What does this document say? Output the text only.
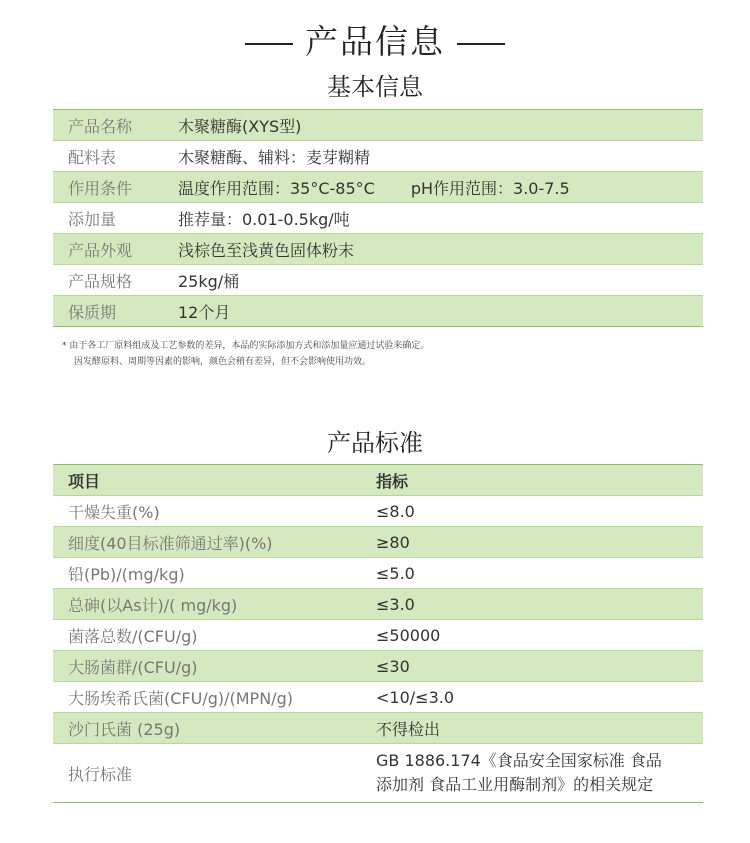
产品信息
基本信息
产品名称	木聚糖酶(XYS型)
配料表	木聚糖酶、辅料：麦芽糊精
作用条件	温度作用范围：35°C-85°C pH作用范围：3.0-7.5
添加量	推荐量：0.01-0.5kg/吨
产品外观	浅棕色至浅黄色固体粉末
产品规格	25kg/桶
保质期	12个月
* 由于各工厂原料组成及工艺参数的差异，本品的实际添加方式和添加量应通过试验来确定。
因发酵原料、周期等因素的影响，颜色会稍有差异，但不会影响使用功效。
产品标准
项目	指标
干燥失重(%)	≤8.0
细度(40目标准筛通过率)(%)	≥80
铅(Pb)/(mg/kg)	≤5.0
总砷(以As计)/( mg/kg)	≤3.0
菌落总数/(CFU/g)	≤50000
大肠菌群/(CFU/g)	≤30
大肠埃希氏菌(CFU/g)/(MPN/g)	<10/≤3.0
沙门氏菌 (25g)	不得检出
执行标准	GB 1886.174《食品安全国家标准 食品
添加剂 食品工业用酶制剂》的相关规定
